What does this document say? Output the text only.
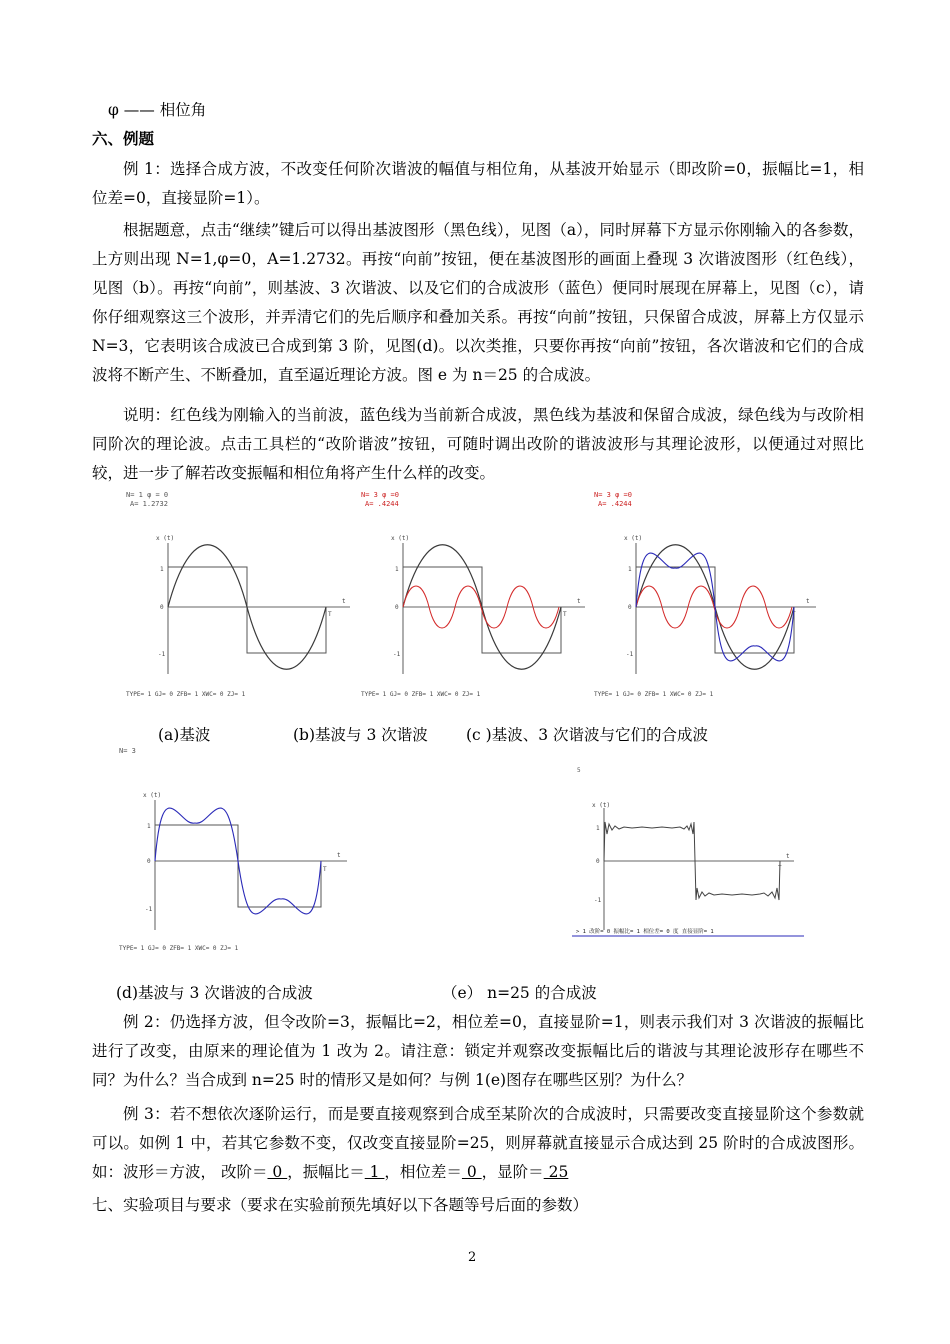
φ —— 相位角
六、例题
例 1：选择合成方波，不改变任何阶次谐波的幅值与相位角，从基波开始显示（即改阶=0，振幅比=1，相位差=0，直接显阶=1）。
根据题意，点击“继续”键后可以得出基波图形（黑色线），见图（a），同时屏幕下方显示你刚输入的各参数，上方则出现 N=1,φ=0，A=1.2732。再按“向前”按钮，便在基波图形的画面上叠现 3 次谐波图形（红色线），见图（b）。再按“向前”，则基波、3 次谐波、以及它们的合成波形（蓝色）便同时展现在屏幕上，见图（c），请你仔细观察这三个波形，并弄清它们的先后顺序和叠加关系。再按“向前”按钮，只保留合成波，屏幕上方仅显示 N=3，它表明该合成波已合成到第 3 阶，见图(d)。以次类推，只要你再按“向前”按钮，各次谐波和它们的合成波将不断产生、不断叠加，直至逼近理论方波。图 e 为 n＝25 的合成波。
说明：红色线为刚输入的当前波，蓝色线为当前新合成波，黑色线为基波和保留合成波，绿色线为与改阶相同阶次的理论波。点击工具栏的“改阶谐波”按钮，可随时调出改阶的谐波波形与其理论波形，以便通过对照比较，进一步了解若改变振幅和相位角将产生什么样的改变。
N= 1 φ = 0
A= 1.2732
x (t)
t
T
1
0
-1
TYPE= 1 GJ= 0 ZFB= 1 XWC= 0 ZJ= 1
N= 3 φ =0
A= .4244
x (t)
t
T
1
0
-1
TYPE= 1 GJ= 0 ZFB= 1 XWC= 0 ZJ= 1
N= 3 φ =0
A= .4244
x (t)
t
T
1
0
-1
TYPE= 1 GJ= 0 ZFB= 1 XWC= 0 ZJ= 1
(a)基波	(b)基波与 3 次谐波 (c )基波、3 次谐波与它们的合成波
N= 3
x (t)
t
T
1
0
-1
TYPE= 1 GJ= 0 ZFB= 1 XWC= 0 ZJ= 1
5
x (t)
t
T
1
0
-1
> 1 改阶= 0 振幅比= 1 相位差= 0 度 直接显阶= 1
(d)基波与 3 次谐波的合成波	（e） n=25 的合成波
例 2：仍选择方波，但令改阶=3，振幅比=2，相位差=0，直接显阶=1，则表示我们对 3 次谐波的振幅比进行了改变，由原来的理论值为 1 改为 2。请注意：锁定并观察改变振幅比后的谐波与其理论波形存在哪些不同？为什么？当合成到 n=25 时的情形又是如何？与例 1(e)图存在哪些区别？为什么？
例 3：若不想依次逐阶运行，而是要直接观察到合成至某阶次的合成波时，只需要改变直接显阶这个参数就可以。如例 1 中，若其它参数不变，仅改变直接显阶=25，则屏幕就直接显示合成达到 25 阶时的合成波图形。如：波形＝方波， 改阶＝ 0 ，振幅比＝ 1 ，相位差＝ 0 ，显阶＝ 25
七、实验项目与要求（要求在实验前预先填好以下各题等号后面的参数）
2
